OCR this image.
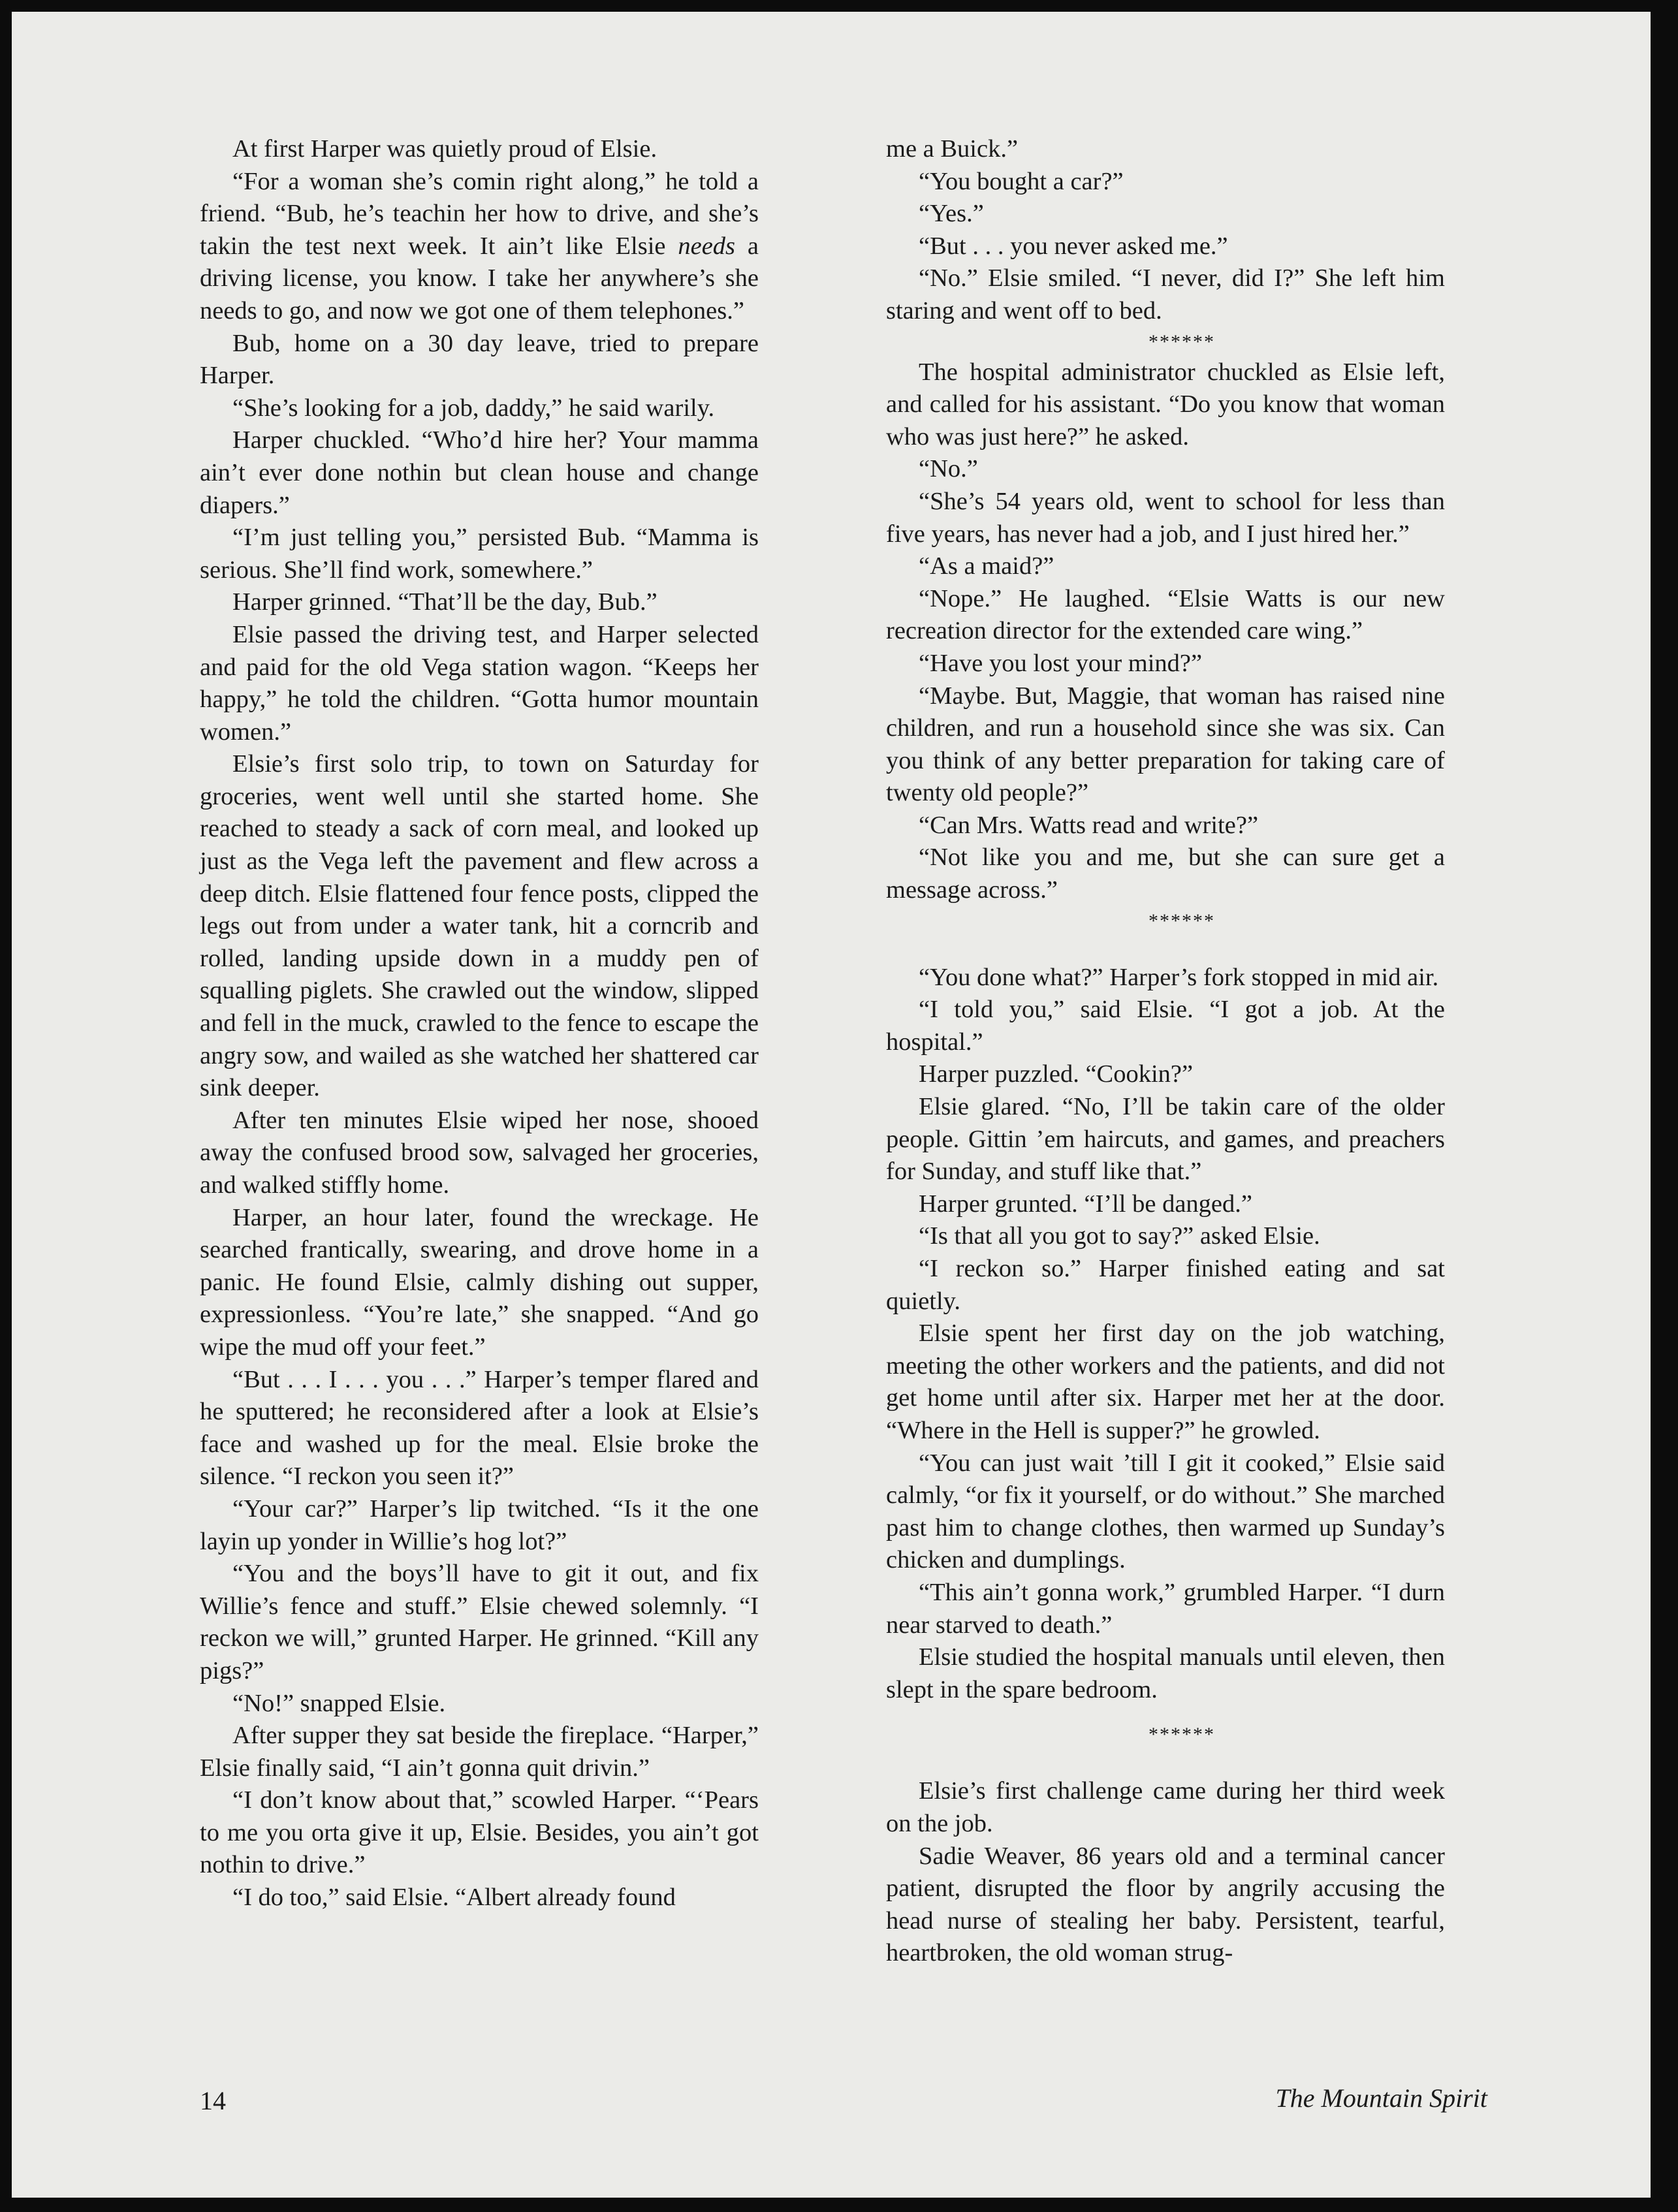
At first Harper was quietly proud of Elsie.

“For a woman she’s comin right along,” he told a friend. “Bub, he’s teachin her how to drive, and she’s takin the test next week. It ain’t like Elsie needs a driving license, you know. I take her anywhere’s she needs to go, and now we got one of them telephones.”

Bub, home on a 30 day leave, tried to prepare Harper.

“She’s looking for a job, daddy,” he said warily.

Harper chuckled. “Who’d hire her? Your mamma ain’t ever done nothin but clean house and change diapers.”

“I’m just telling you,” persisted Bub. “Mamma is serious. She’ll find work, somewhere.”

Harper grinned. “That’ll be the day, Bub.”

Elsie passed the driving test, and Harper selected and paid for the old Vega station wagon. “Keeps her happy,” he told the children. “Gotta humor mountain women.”

Elsie’s first solo trip, to town on Saturday for groceries, went well until she started home. She reached to steady a sack of corn meal, and looked up just as the Vega left the pavement and flew across a deep ditch. Elsie flattened four fence posts, clipped the legs out from under a water tank, hit a corncrib and rolled, landing upside down in a muddy pen of squalling piglets. She crawled out the window, slipped and fell in the muck, crawled to the fence to escape the angry sow, and wailed as she watched her shattered car sink deeper.

After ten minutes Elsie wiped her nose, shooed away the confused brood sow, salvaged her groceries, and walked stiffly home.

Harper, an hour later, found the wreckage. He searched frantically, swearing, and drove home in a panic. He found Elsie, calmly dishing out supper, expressionless. “You’re late,” she snapped. “And go wipe the mud off your feet.”

“But . . . I . . . you . . .” Harper’s temper flared and he sputtered; he reconsidered after a look at Elsie’s face and washed up for the meal. Elsie broke the silence. “I reckon you seen it?”

“Your car?” Harper’s lip twitched. “Is it the one layin up yonder in Willie’s hog lot?”

“You and the boys’ll have to git it out, and fix Willie’s fence and stuff.” Elsie chewed solemnly. “I reckon we will,” grunted Harper. He grinned. “Kill any pigs?”

“No!” snapped Elsie.

After supper they sat beside the fireplace. “Harper,” Elsie finally said, “I ain’t gonna quit drivin.”

“I don’t know about that,” scowled Harper. “‘Pears to me you orta give it up, Elsie. Besides, you ain’t got nothin to drive.”

“I do too,” said Elsie. “Albert already found

me a Buick.”

“You bought a car?”

“Yes.”

“But . . . you never asked me.”

“No.” Elsie smiled. “I never, did I?” She left him staring and went off to bed.

******

The hospital administrator chuckled as Elsie left, and called for his assistant. “Do you know that woman who was just here?” he asked.

“No.”

“She’s 54 years old, went to school for less than five years, has never had a job, and I just hired her.”

“As a maid?”

“Nope.” He laughed. “Elsie Watts is our new recreation director for the extended care wing.”

“Have you lost your mind?”

“Maybe. But, Maggie, that woman has raised nine children, and run a household since she was six. Can you think of any better preparation for taking care of twenty old people?”

“Can Mrs. Watts read and write?”

“Not like you and me, but she can sure get a message across.”

******

“You done what?” Harper’s fork stopped in mid air.

“I told you,” said Elsie. “I got a job. At the hospital.”

Harper puzzled. “Cookin?”

Elsie glared. “No, I’ll be takin care of the older people. Gittin ’em haircuts, and games, and preachers for Sunday, and stuff like that.”

Harper grunted. “I’ll be danged.”

“Is that all you got to say?” asked Elsie.

“I reckon so.” Harper finished eating and sat quietly.

Elsie spent her first day on the job watching, meeting the other workers and the patients, and did not get home until after six. Harper met her at the door. “Where in the Hell is supper?” he growled.

“You can just wait ’till I git it cooked,” Elsie said calmly, “or fix it yourself, or do without.” She marched past him to change clothes, then warmed up Sunday’s chicken and dumplings.

“This ain’t gonna work,” grumbled Harper. “I durn near starved to death.”

Elsie studied the hospital manuals until eleven, then slept in the spare bedroom.

******

Elsie’s first challenge came during her third week on the job.

Sadie Weaver, 86 years old and a terminal cancer patient, disrupted the floor by angrily accusing the head nurse of stealing her baby. Persistent, tearful, heartbroken, the old woman strug-

14	The Mountain Spirit
